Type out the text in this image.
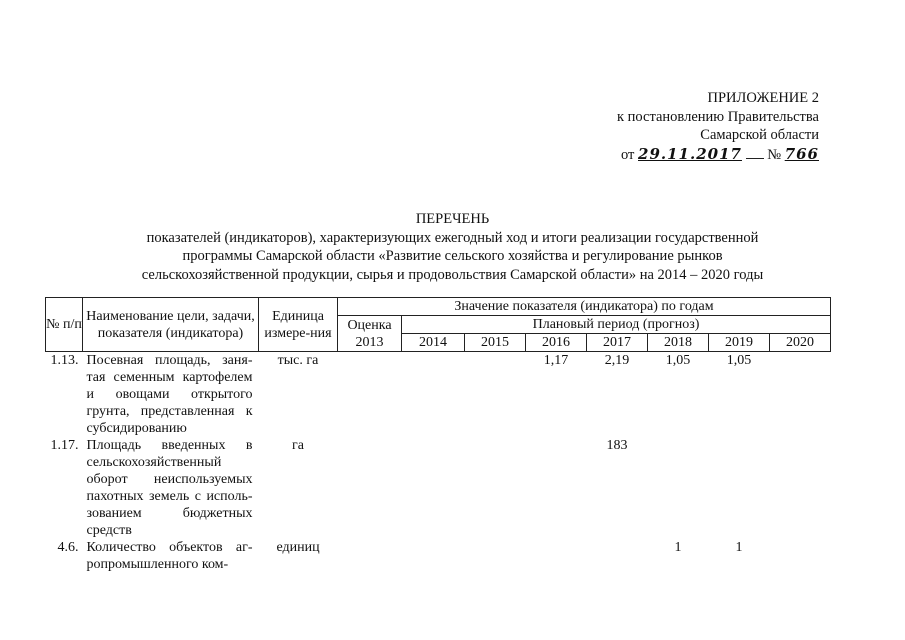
ПРИЛОЖЕНИЕ 2
к постановлению Правительства
Самарской области
от 29.11.2017 № 766
ПЕРЕЧЕНЬ
показателей (индикаторов), характеризующих ежегодный ход и итоги реализации государственной
программы Самарской области «Развитие сельского хозяйства и регулирование рынков
сельскохозяйственной продукции, сырья и продовольствия Самарской области» на 2014 – 2020 годы
№ п/п	Наименование цели, задачи, показателя (индикатора)	Единица измере-ния	Значение показателя (индикатора) по годам							
			Оценка 2013	Плановый период (прогноз)						
				2014	2015	2016	2017	2018	2019	2020
1.13.	Посевная площадь, заня-тая семенным картофелем и овощами открытого грунта, представленная к субсидированию	тыс. га				1,17	2,19	1,05	1,05	
1.17.	Площадь введенных в сельскохозяйственный оборот неиспользуемых пахотных земель с исполь-зованием бюджетных средств	га					183			
4.6.	Количество объектов аг-ропромышленного ком-	единиц						1	1	
